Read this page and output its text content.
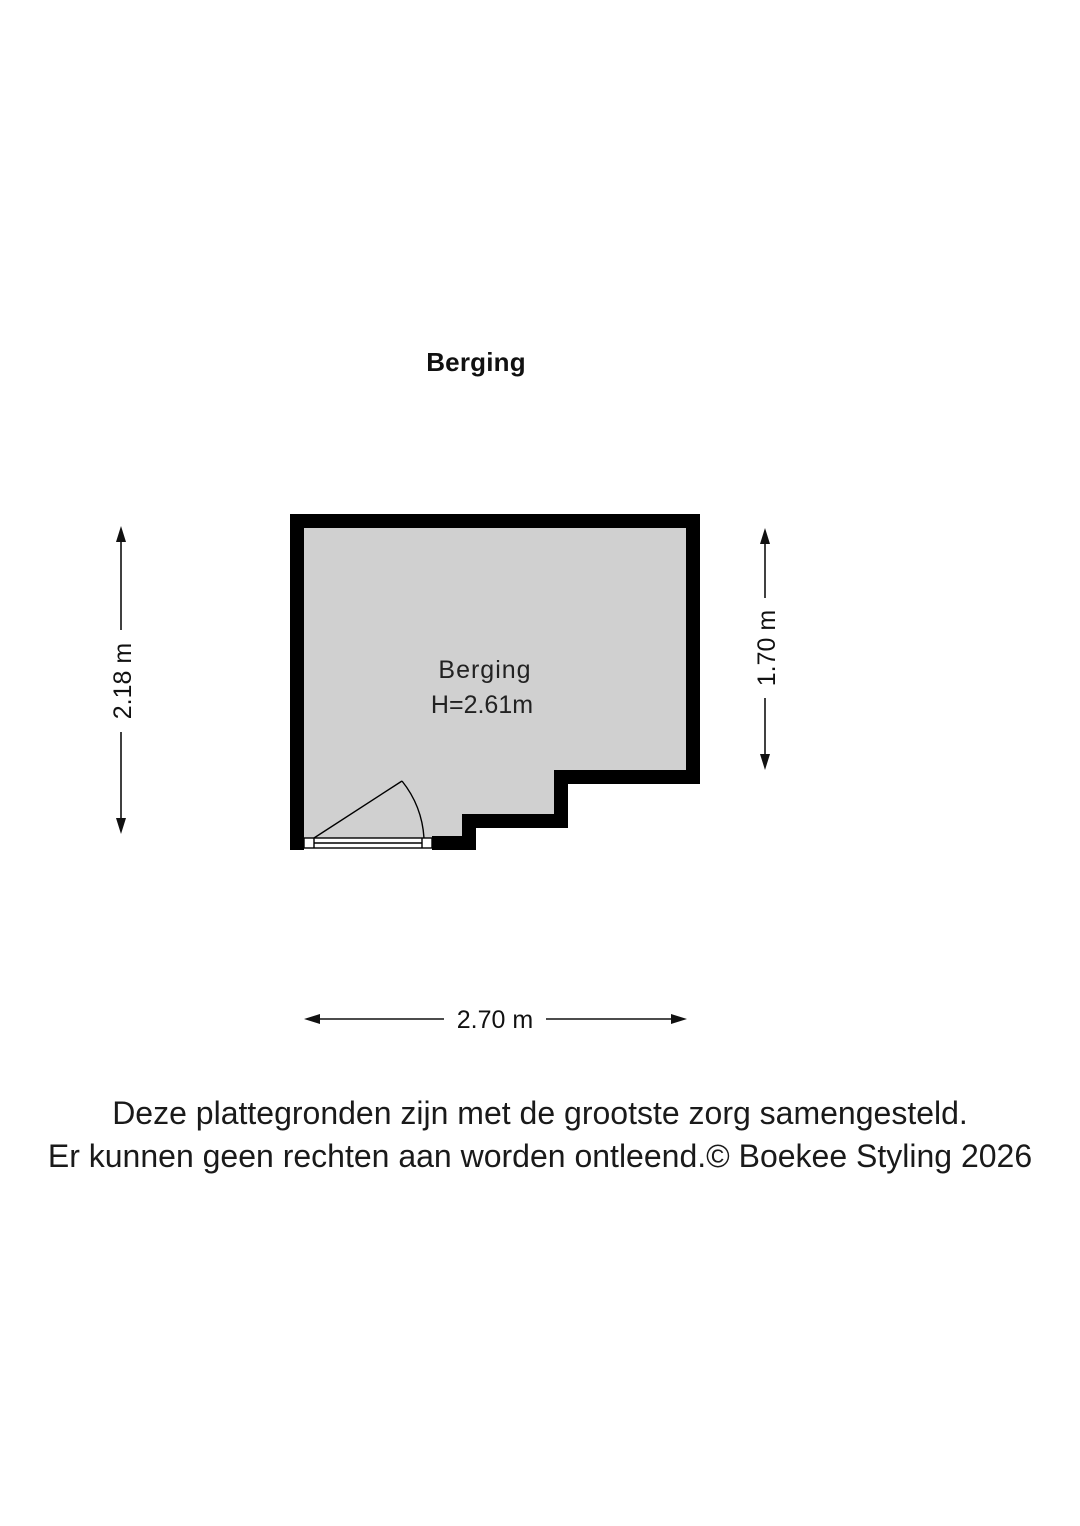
Berging
Berging
H=2.61m
2.18 m	1.70 m
2.70 m
Deze plattegronden zijn met de grootste zorg samengesteld.
Er kunnen geen rechten aan worden ontleend.© Boekee Styling 2026
